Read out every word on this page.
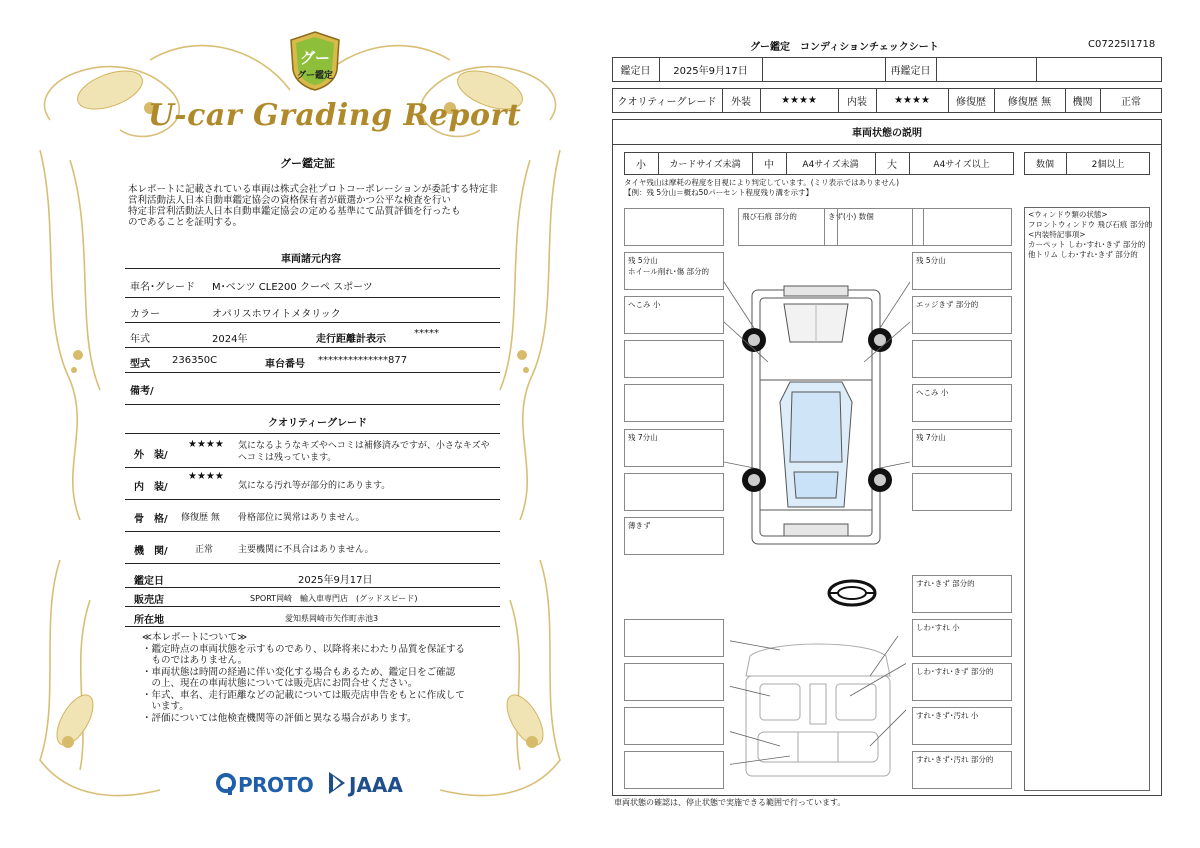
グー
グー鑑定
U-car Grading Report
グー鑑定証
本レポートに記載されている車両は株式会社プロトコーポレーションが委託する特定非
営利活動法人日本自動車鑑定協会の資格保有者が厳選かつ公平な検査を行い
特定非営利活動法人日本自動車鑑定協会の定める基準にて品質評価を行ったも
のであることを証明する。
車両諸元内容
車名･グレード M･ベンツ CLE200 クーペ スポーツ
カラー	オパリスホワイトメタリック
年式	2024年	走行距離計表示
*****
型式 236350C	車台番号 **************877
備考/
クオリティーグレード
外　装/
★★★★ 気になるようなキズやヘコミは補修済みですが、小さなキズや
ヘコミは残っています。
内　装/
★★★★
気になる汚れ等が部分的にあります。
骨　格/ 修復歴 無 骨格部位に異常はありません。
機　関/	正常	主要機関に不具合はありません。
鑑定日	2025年9月17日
販売店	SPORT岡崎　輸入車専門店　(グッドスピード)
所在地	愛知県岡崎市矢作町赤池3
≪本レポートについて≫
・鑑定時点の車両状態を示すものであり、以降将来にわたり品質を保証する
　ものではありません。
・車両状態は時間の経過に伴い変化する場合もあるため、鑑定日をご確認
　の上、現在の車両状態については販売店にお問合せください。
・年式、車名、走行距離などの記載については販売店申告をもとに作成して
　います。
・評価については他検査機関等の評価と異なる場合があります。
PROTO JAAA
グー鑑定　コンディションチェックシート	C07225I1718
鑑定日	2025年9月17日	再鑑定日
クオリティーグレード	外装	★★★★	内装	★★★★	修復歴	修復歴 無	機関	正常
車両状態の説明
小	カードサイズ未満	中	A4サイズ未満	大	A4サイズ以上	数個	2個以上
タイヤ残山は摩耗の程度を目視により判定しています。(ミリ表示ではありません)
【例：残 5分山＝概ね50パーセント程度残り溝を示す】
<ウィンドウ類の状態>
フロントウィンドウ 飛び石痕 部分的
<内装特記事項>
カーペット しわ･すれ･きず 部分的
他トリム しわ･すれ･きず 部分的
飛び石痕 部分的	きず(小) 数個
残 5分山
ホイール削れ･傷 部分的
へこみ 小
残 7分山
薄きず
残 5分山
エッジきず 部分的
へこみ 小
残 7分山
すれ･きず 部分的
しわ･すれ 小
しわ･すれ･きず 部分的
すれ･きず･汚れ 小
すれ･きず･汚れ 部分的
車両状態の確認は、停止状態で実施できる範囲で行っています。
